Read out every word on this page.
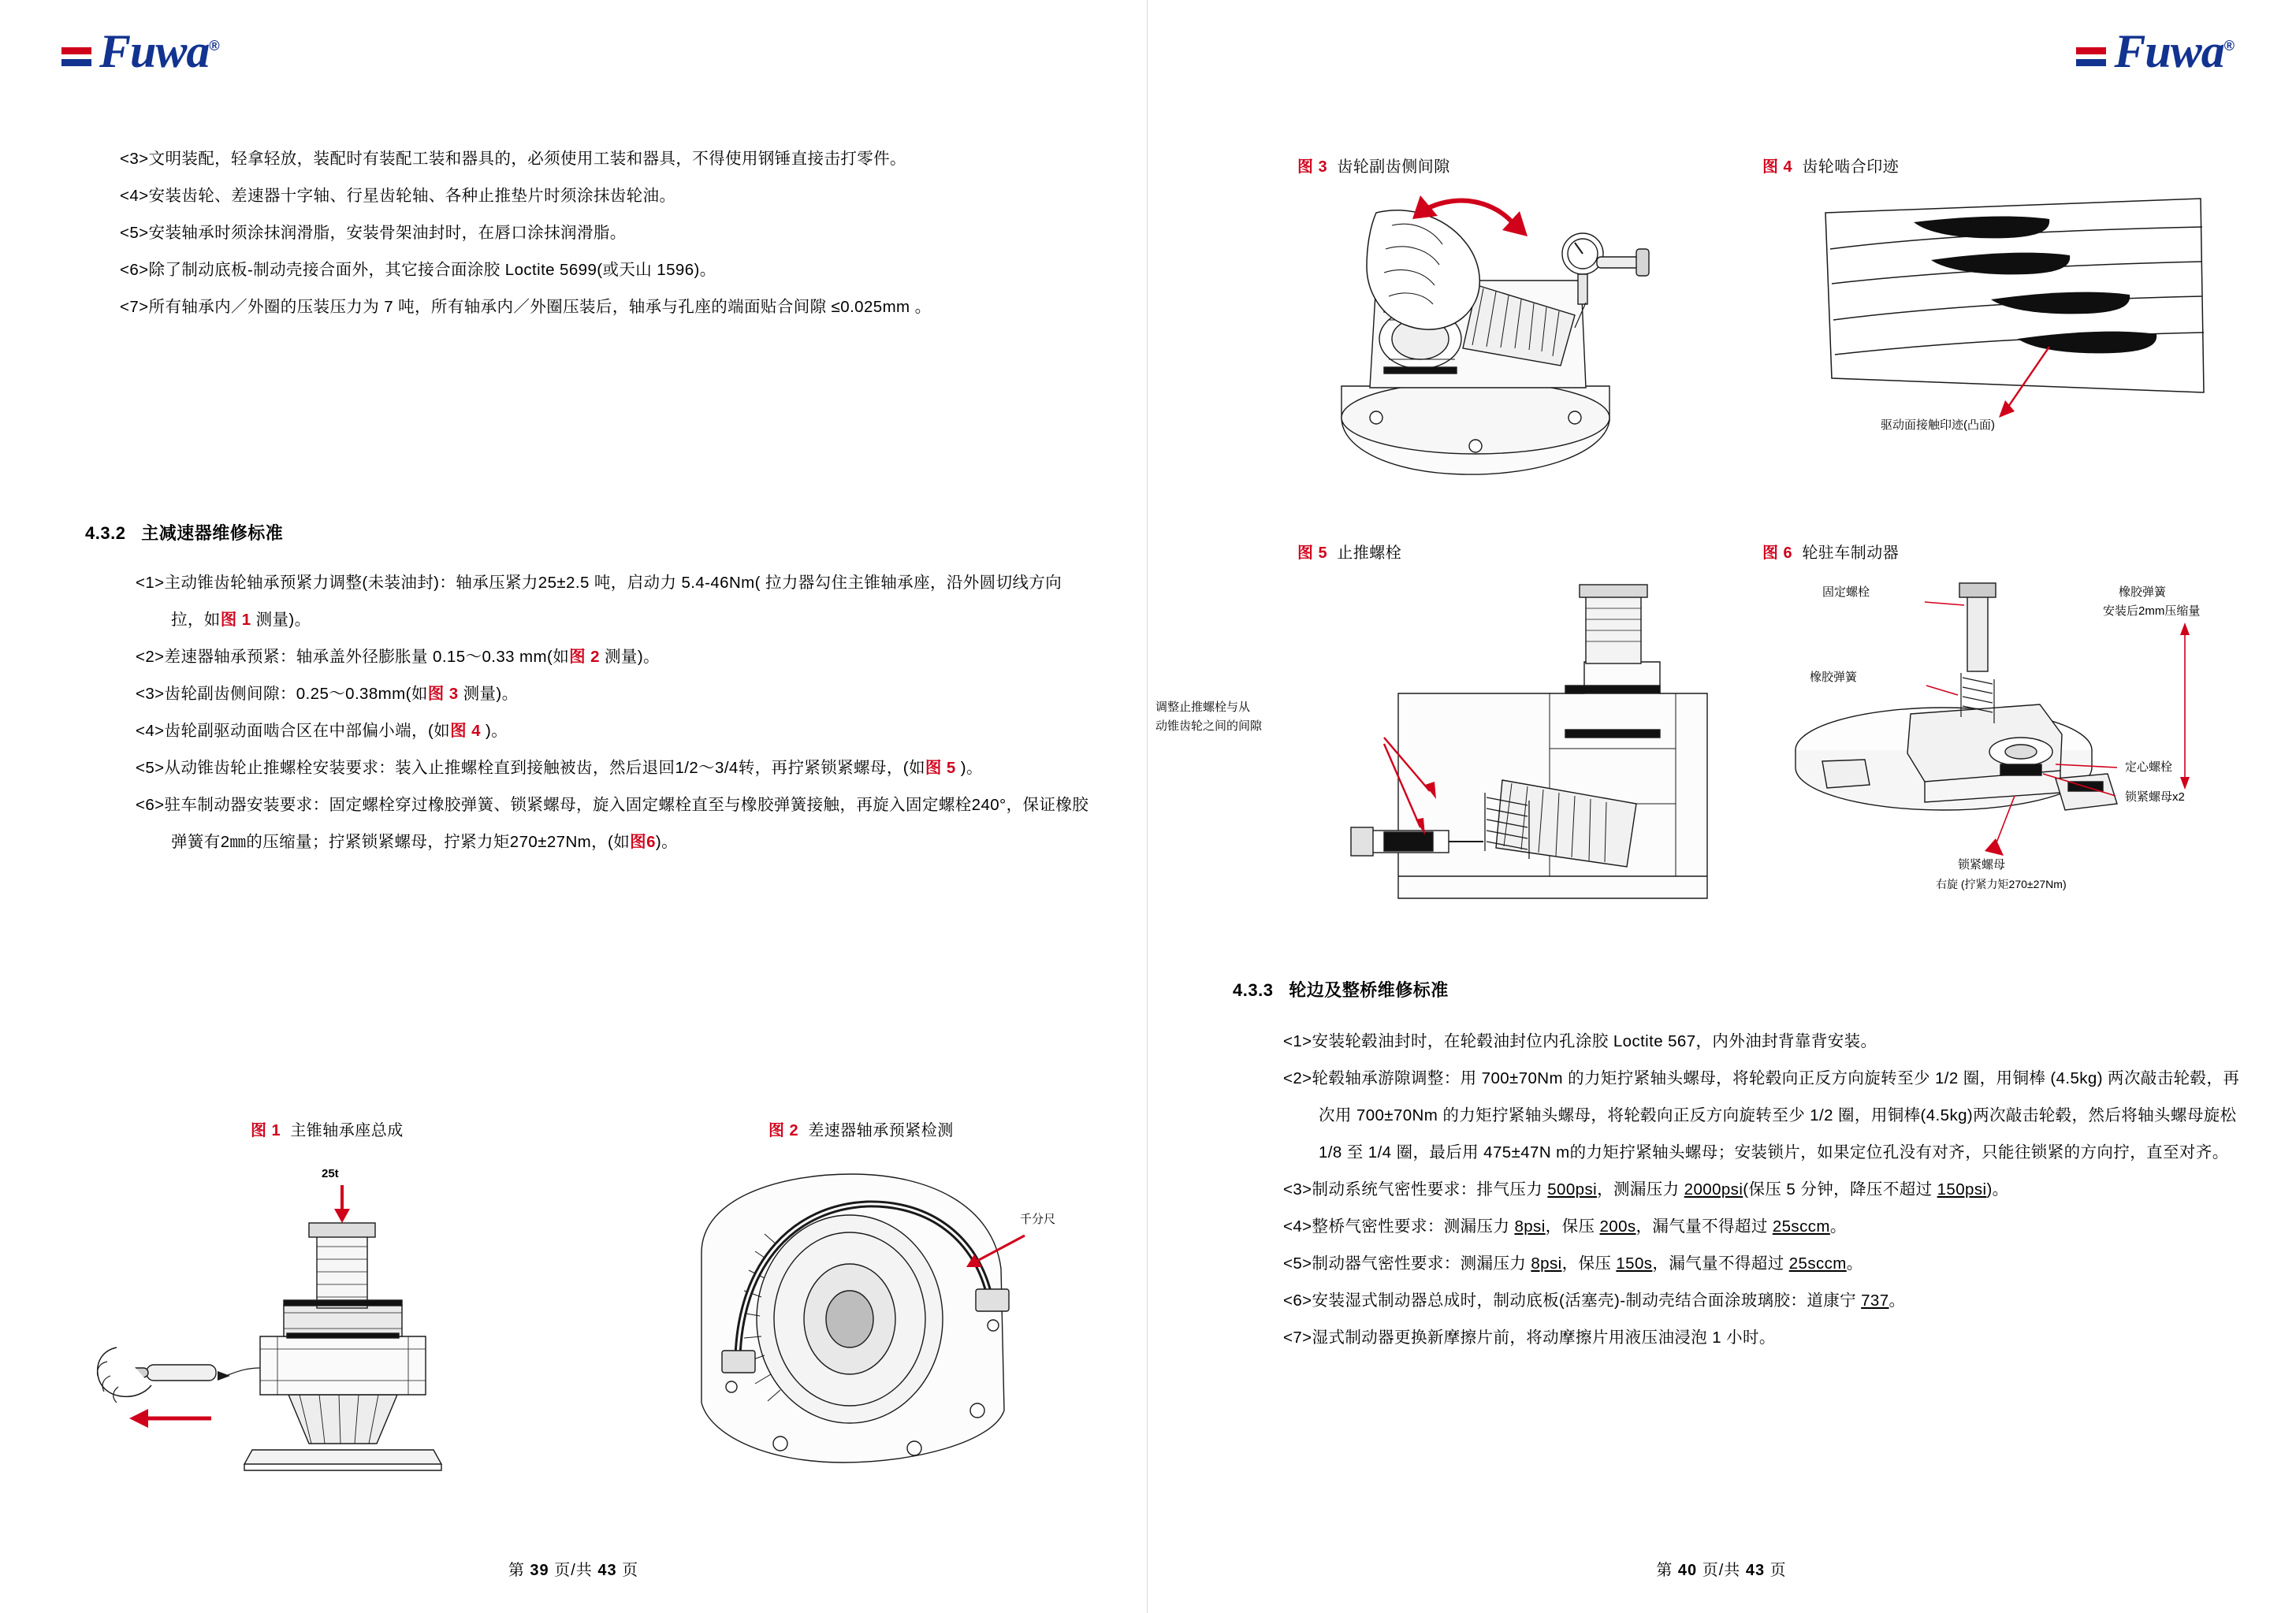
Fuwa®

<3>文明装配，轻拿轻放，装配时有装配工装和器具的，必须使用工装和器具，不得使用钢锤直接击打零件。

<4>安装齿轮、差速器十字轴、行星齿轮轴、各种止推垫片时须涂抹齿轮油。

<5>安装轴承时须涂抹润滑脂，安装骨架油封时，在唇口涂抹润滑脂。

<6>除了制动底板-制动壳接合面外，其它接合面涂胶 Loctite 5699(或天山 1596)。

<7>所有轴承内／外圈的压装压力为 7 吨，所有轴承内／外圈压装后，轴承与孔座的端面贴合间隙 ≤0.025mm 。

4.3.2 主减速器维修标准

<1>主动锥齿轮轴承预紧力调整(未装油封)：轴承压紧力25±2.5 吨，启动力 5.4-46Nm( 拉力器勾住主锥轴承座，沿外圆切线方向拉，如图 1 测量)。

<2>差速器轴承预紧：轴承盖外径膨胀量 0.15～0.33 mm(如图 2 测量)。

<3>齿轮副齿侧间隙：0.25～0.38mm(如图 3 测量)。

<4>齿轮副驱动面啮合区在中部偏小端，(如图 4 )。

<5>从动锥齿轮止推螺栓安装要求：装入止推螺栓直到接触被齿，然后退回1/2～3/4转，再拧紧锁紧螺母，(如图 5 )。

<6>驻车制动器安装要求：固定螺栓穿过橡胶弹簧、锁紧螺母，旋入固定螺栓直至与橡胶弹簧接触，再旋入固定螺栓240°，保证橡胶弹簧有2㎜的压缩量；拧紧锁紧螺母，拧紧力矩270±27Nm，(如图6)。

图 1 主锥轴承座总成	图 2 差速器轴承预紧检测
25t
千分尺
第 39 页/共 43 页
Fuwa®
图 3 齿轮副齿侧间隙	图 4 齿轮啮合印迹
驱动面接触印迹(凸面)
图 5 止推螺栓	图 6 轮驻车制动器
调整止推螺栓与从
动锥齿轮之间的间隙
固定螺栓
橡胶弹簧
橡胶弹簧
安装后2mm压缩量
定心螺栓
锁紧螺母x2
锁紧螺母
右旋 (拧紧力矩270±27Nm)
4.3.3 轮边及整桥维修标准

<1>安装轮毂油封时，在轮毂油封位内孔涂胶 Loctite 567，内外油封背靠背安装。

<2>轮毂轴承游隙调整：用 700±70Nm 的力矩拧紧轴头螺母，将轮毂向正反方向旋转至少 1/2 圈，用铜棒 (4.5kg) 两次敲击轮毂，再次用 700±70Nm 的力矩拧紧轴头螺母，将轮毂向正反方向旋转至少 1/2 圈，用铜棒(4.5kg)两次敲击轮毂，然后将轴头螺母旋松 1/8 至 1/4 圈，最后用 475±47N m的力矩拧紧轴头螺母；安装锁片，如果定位孔没有对齐，只能往锁紧的方向拧，直至对齐。

<3>制动系统气密性要求：排气压力 500psi，测漏压力 2000psi(保压 5 分钟，降压不超过 150psi)。

<4>整桥气密性要求：测漏压力 8psi，保压 200s，漏气量不得超过 25sccm。

<5>制动器气密性要求：测漏压力 8psi，保压 150s，漏气量不得超过 25sccm。

<6>安装湿式制动器总成时，制动底板(活塞壳)-制动壳结合面涂玻璃胶：道康宁 737。

<7>湿式制动器更换新摩擦片前，将动摩擦片用液压油浸泡 1 小时。

第 40 页/共 43 页
